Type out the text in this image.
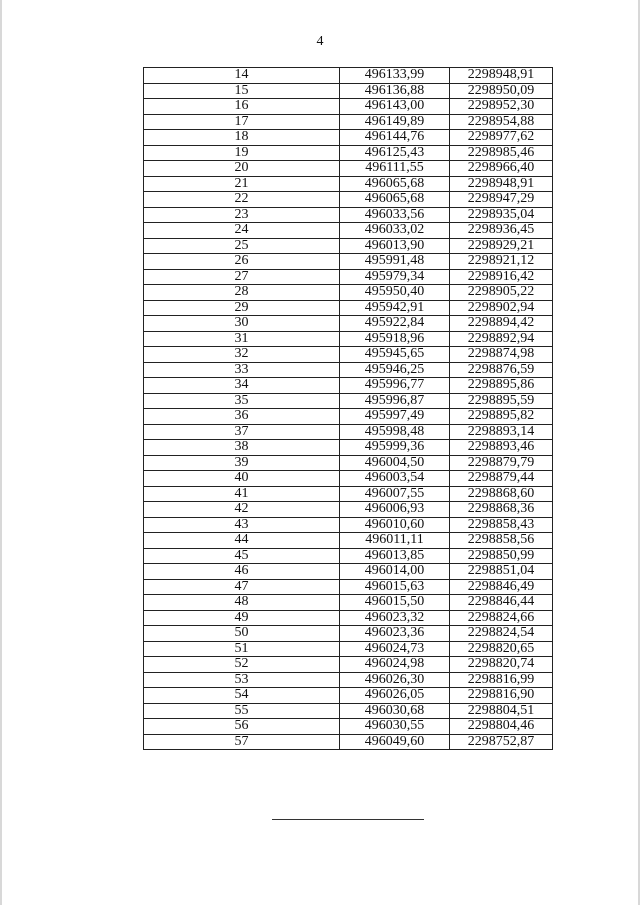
4
14	496133,99	2298948,91
15	496136,88	2298950,09
16	496143,00	2298952,30
17	496149,89	2298954,88
18	496144,76	2298977,62
19	496125,43	2298985,46
20	496111,55	2298966,40
21	496065,68	2298948,91
22	496065,68	2298947,29
23	496033,56	2298935,04
24	496033,02	2298936,45
25	496013,90	2298929,21
26	495991,48	2298921,12
27	495979,34	2298916,42
28	495950,40	2298905,22
29	495942,91	2298902,94
30	495922,84	2298894,42
31	495918,96	2298892,94
32	495945,65	2298874,98
33	495946,25	2298876,59
34	495996,77	2298895,86
35	495996,87	2298895,59
36	495997,49	2298895,82
37	495998,48	2298893,14
38	495999,36	2298893,46
39	496004,50	2298879,79
40	496003,54	2298879,44
41	496007,55	2298868,60
42	496006,93	2298868,36
43	496010,60	2298858,43
44	496011,11	2298858,56
45	496013,85	2298850,99
46	496014,00	2298851,04
47	496015,63	2298846,49
48	496015,50	2298846,44
49	496023,32	2298824,66
50	496023,36	2298824,54
51	496024,73	2298820,65
52	496024,98	2298820,74
53	496026,30	2298816,99
54	496026,05	2298816,90
55	496030,68	2298804,51
56	496030,55	2298804,46
57	496049,60	2298752,87
